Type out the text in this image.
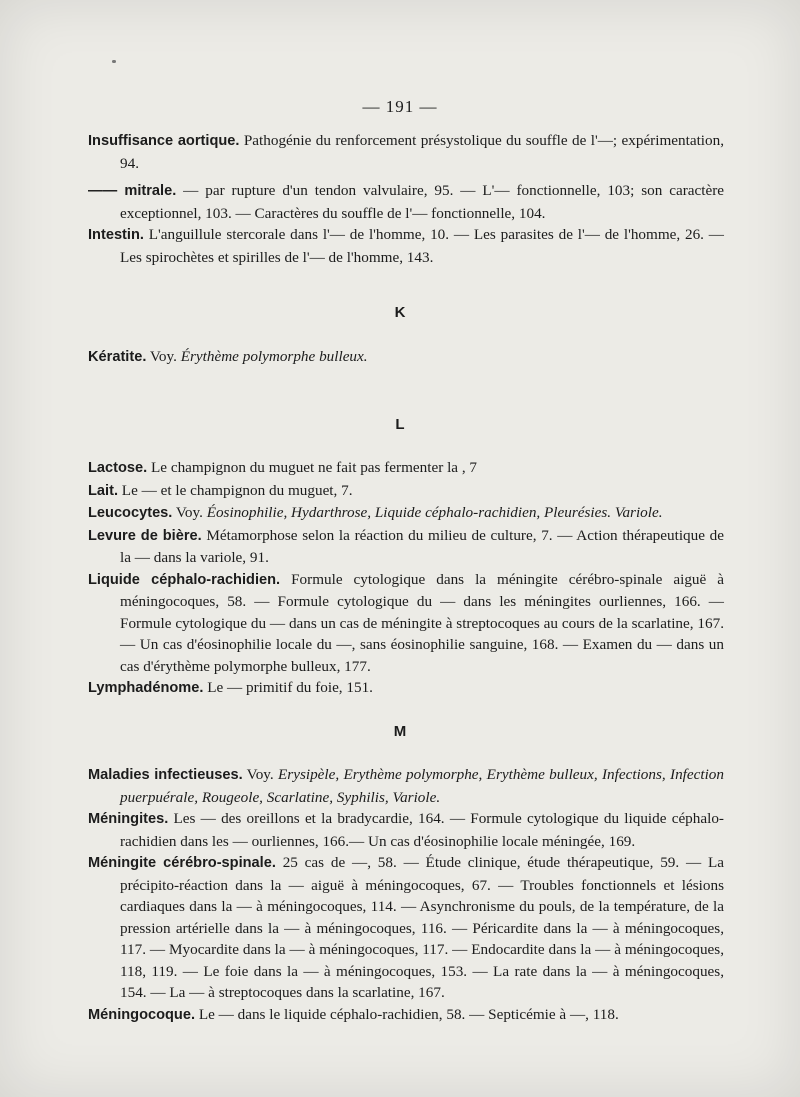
— 191 —
Insuffisance aortique. Pathogénie du renforcement présystolique du souffle de l'—; expérimentation, 94.
—— mitrale. — par rupture d'un tendon valvulaire, 95. — L'— fonctionnelle, 103; son caractère exceptionnel, 103. — Caractères du souffle de l'— fonctionnelle, 104.
Intestin. L'anguillule stercorale dans l'— de l'homme, 10. — Les parasites de l'— de l'homme, 26. — Les spirochètes et spirilles de l'— de l'homme, 143.
K
Kératite. Voy. Érythème polymorphe bulleux.
L
Lactose. Le champignon du muguet ne fait pas fermenter la , 7
Lait. Le — et le champignon du muguet, 7.
Leucocytes. Voy. Éosinophilie, Hydarthrose, Liquide céphalo-rachidien, Pleurésies. Variole.
Levure de bière. Métamorphose selon la réaction du milieu de culture, 7. — Action thérapeutique de la — dans la variole, 91.
Liquide céphalo-rachidien. Formule cytologique dans la méningite cérébro-spinale aiguë à méningocoques, 58. — Formule cytologique du — dans les méningites ourliennes, 166. — Formule cytologique du — dans un cas de méningite à streptocoques au cours de la scarlatine, 167. — Un cas d'éosinophilie locale du —, sans éosinophilie sanguine, 168. — Examen du — dans un cas d'érythème polymorphe bulleux, 177.
Lymphadénome. Le — primitif du foie, 151.
M
Maladies infectieuses. Voy. Erysipèle, Erythème polymorphe, Erythème bulleux, Infections, Infection puerpuérale, Rougeole, Scarlatine, Syphilis, Variole.
Méningites. Les — des oreillons et la bradycardie, 164. — Formule cytologique du liquide céphalo-rachidien dans les — ourliennes, 166.— Un cas d'éosinophilie locale méningée, 169.
Méningite cérébro-spinale. 25 cas de —, 58. — Étude clinique, étude thérapeutique, 59. — La précipito-réaction dans la — aiguë à méningocoques, 67. — Troubles fonctionnels et lésions cardiaques dans la — à méningocoques, 114. — Asynchronisme du pouls, de la température, de la pression artérielle dans la — à méningocoques, 116. — Péricardite dans la — à méningocoques, 117. — Myocardite dans la — à méningocoques, 117. — Endocardite dans la — à méningocoques, 118, 119. — Le foie dans la — à méningocoques, 153. — La rate dans la — à méningocoques, 154. — La — à streptocoques dans la scarlatine, 167.
Méningocoque. Le — dans le liquide céphalo-rachidien, 58. — Septicémie à —, 118.
